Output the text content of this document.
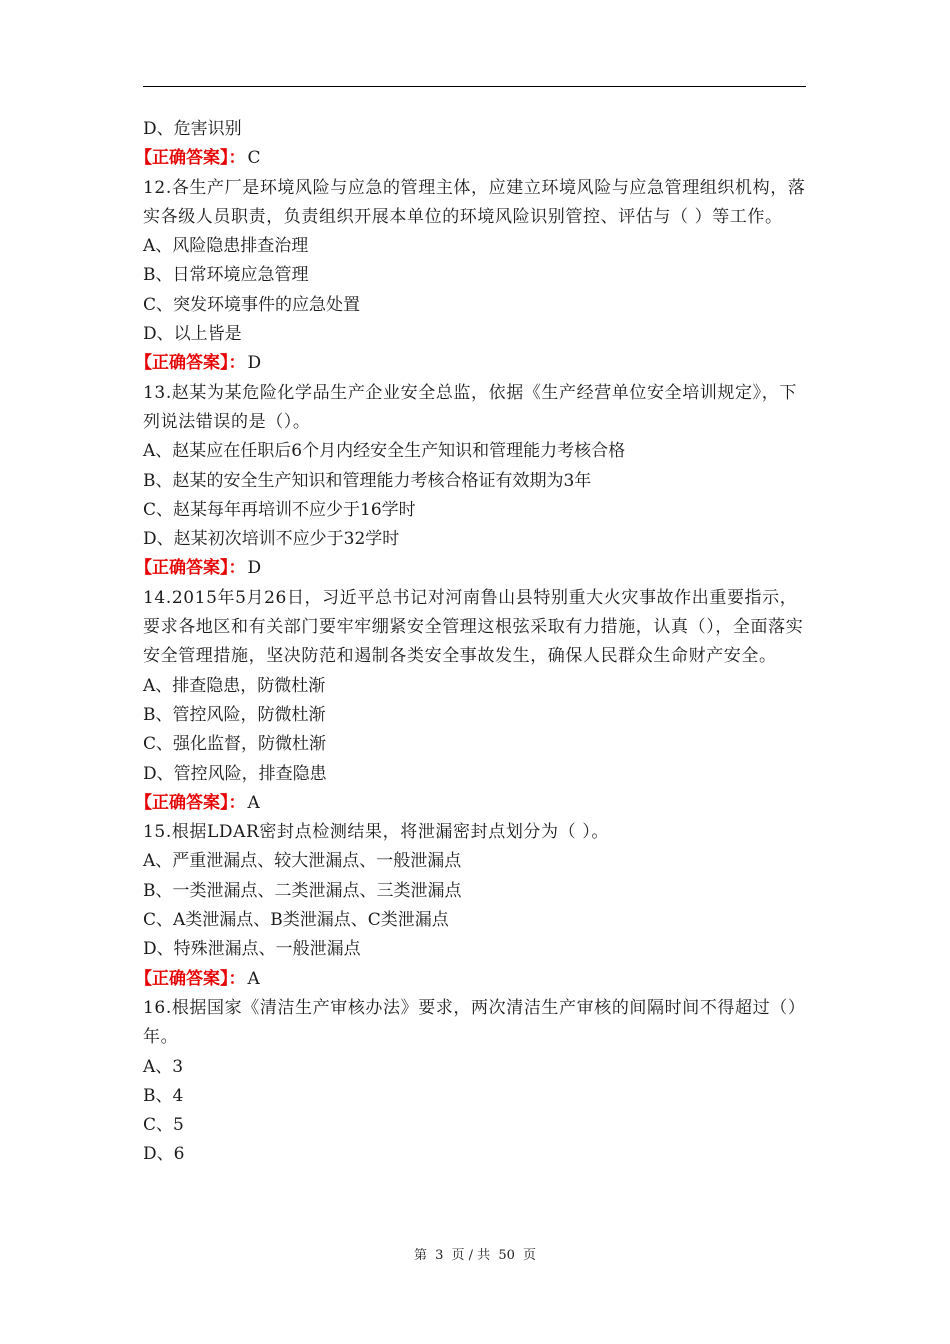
D、危害识别
【正确答案】： C
12.各生产厂是环境风险与应急的管理主体，应建立环境风险与应急管理组织机构，落实各级人员职责，负责组织开展本单位的环境风险识别管控、评估与（ ）等工作。
A、风险隐患排查治理
B、日常环境应急管理
C、突发环境事件的应急处置
D、以上皆是
【正确答案】： D
13.赵某为某危险化学品生产企业安全总监，依据《生产经营单位安全培训规定》，下列说法错误的是（）。
A、赵某应在任职后6个月内经安全生产知识和管理能力考核合格
B、赵某的安全生产知识和管理能力考核合格证有效期为3年
C、赵某每年再培训不应少于16学时
D、赵某初次培训不应少于32学时
【正确答案】： D
14.2015年5月26日，习近平总书记对河南鲁山县特别重大火灾事故作出重要指示，要求各地区和有关部门要牢牢绷紧安全管理这根弦采取有力措施，认真（），全面落实安全管理措施，坚决防范和遏制各类安全事故发生，确保人民群众生命财产安全。
A、排查隐患，防微杜渐
B、管控风险，防微杜渐
C、强化监督，防微杜渐
D、管控风险，排查隐患
【正确答案】： A
15.根据LDAR密封点检测结果，将泄漏密封点划分为（ ）。
A、严重泄漏点、较大泄漏点、一般泄漏点
B、一类泄漏点、二类泄漏点、三类泄漏点
C、A类泄漏点、B类泄漏点、C类泄漏点
D、特殊泄漏点、一般泄漏点
【正确答案】： A
16.根据国家《清洁生产审核办法》要求，两次清洁生产审核的间隔时间不得超过（）年。
A、3
B、4
C、5
D、6
第 3 页 / 共 50 页
